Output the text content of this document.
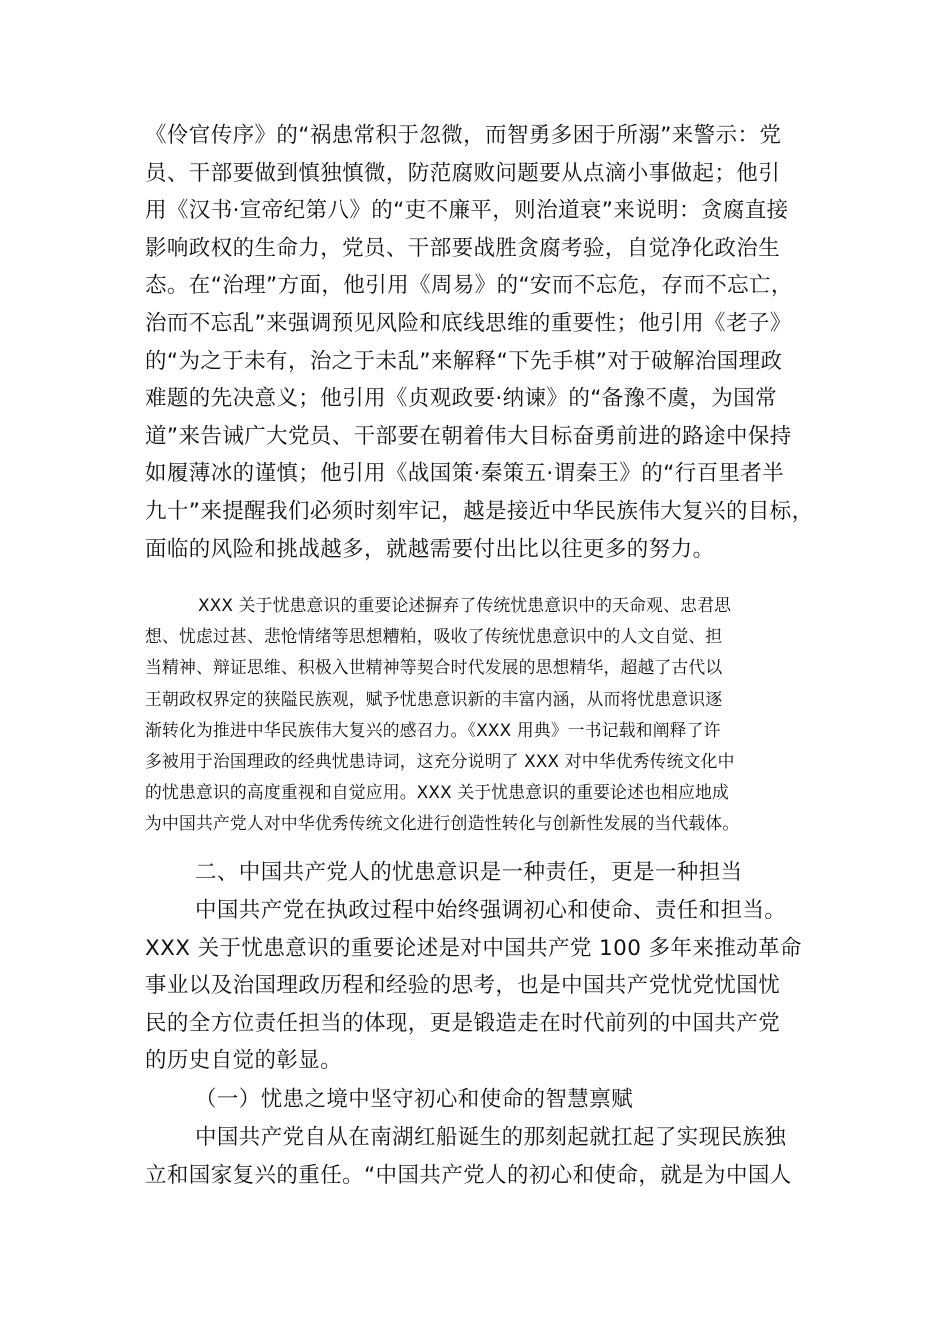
《伶官传序》的“祸患常积于忽微，而智勇多困于所溺”来警示：党
员、干部要做到慎独慎微，防范腐败问题要从点滴小事做起；他引
用《汉书·宣帝纪第八》的“吏不廉平，则治道衰”来说明：贪腐直接
影响政权的生命力，党员、干部要战胜贪腐考验，自觉净化政治生
态。在“治理”方面，他引用《周易》的“安而不忘危，存而不忘亡，
治而不忘乱”来强调预见风险和底线思维的重要性；他引用《老子》
的“为之于未有，治之于未乱”来解释“下先手棋”对于破解治国理政
难题的先决意义；他引用《贞观政要·纳谏》的“备豫不虞，为国常
道”来告诫广大党员、干部要在朝着伟大目标奋勇前进的路途中保持
如履薄冰的谨慎；他引用《战国策·秦策五·谓秦王》的“行百里者半
九十”来提醒我们必须时刻牢记，越是接近中华民族伟大复兴的目标，
面临的风险和挑战越多，就越需要付出比以往更多的努力。
XXX 关于忧患意识的重要论述摒弃了传统忧患意识中的天命观、忠君思
想、忧虑过甚、悲怆情绪等思想糟粕，吸收了传统忧患意识中的人文自觉、担
当精神、辩证思维、积极入世精神等契合时代发展的思想精华，超越了古代以
王朝政权界定的狭隘民族观，赋予忧患意识新的丰富内涵，从而将忧患意识逐
渐转化为推进中华民族伟大复兴的感召力。《XXX 用典》一书记载和阐释了许
多被用于治国理政的经典忧患诗词，这充分说明了 XXX 对中华优秀传统文化中
的忧患意识的高度重视和自觉应用。XXX 关于忧患意识的重要论述也相应地成
为中国共产党人对中华优秀传统文化进行创造性转化与创新性发展的当代载体。
二、中国共产党人的忧患意识是一种责任，更是一种担当
中国共产党在执政过程中始终强调初心和使命、责任和担当。
XXX 关于忧患意识的重要论述是对中国共产党 100 多年来推动革命
事业以及治国理政历程和经验的思考，也是中国共产党忧党忧国忧
民的全方位责任担当的体现，更是锻造走在时代前列的中国共产党
的历史自觉的彰显。
（一）忧患之境中坚守初心和使命的智慧禀赋
中国共产党自从在南湖红船诞生的那刻起就扛起了实现民族独
立和国家复兴的重任。“中国共产党人的初心和使命，就是为中国人
